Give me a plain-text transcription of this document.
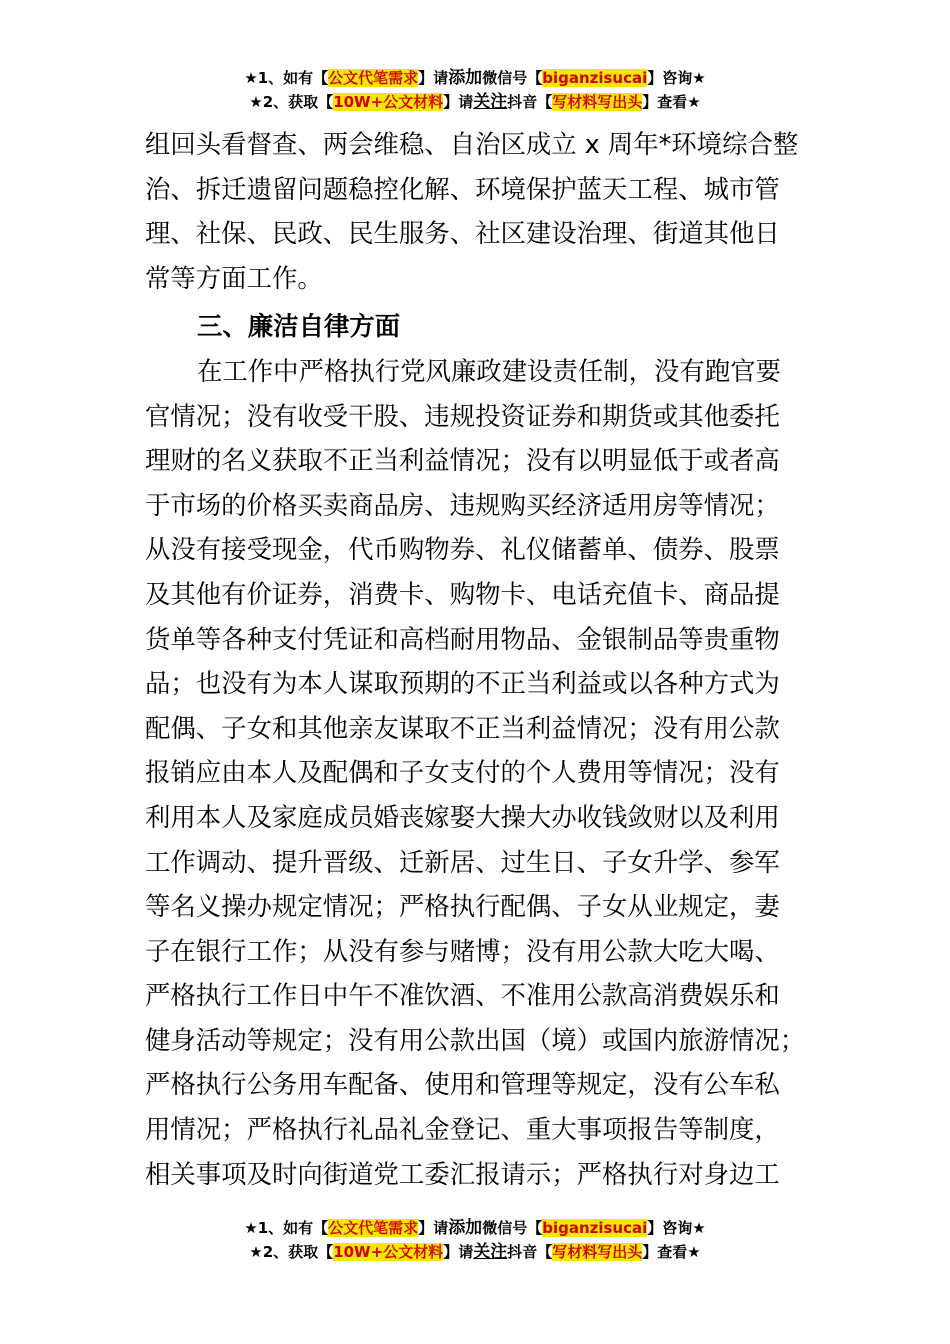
★1、如有【公文代笔需求】请添加微信号【biganzisucai】咨询★
★2、获取【10W+公文材料】请关注抖音【写材料写出头】查看★

组回头看督查、两会维稳、自治区成立 x 周年*环境综合整
治、拆迁遗留问题稳控化解、环境保护蓝天工程、城市管
理、社保、民政、民生服务、社区建设治理、街道其他日
常等方面工作。

三、廉洁自律方面

在工作中严格执行党风廉政建设责任制，没有跑官要
官情况；没有收受干股、违规投资证券和期货或其他委托
理财的名义获取不正当利益情况；没有以明显低于或者高
于市场的价格买卖商品房、违规购买经济适用房等情况；
从没有接受现金，代币购物券、礼仪储蓄单、债券、股票
及其他有价证券，消费卡、购物卡、电话充值卡、商品提
货单等各种支付凭证和高档耐用物品、金银制品等贵重物
品；也没有为本人谋取预期的不正当利益或以各种方式为
配偶、子女和其他亲友谋取不正当利益情况；没有用公款
报销应由本人及配偶和子女支付的个人费用等情况；没有
利用本人及家庭成员婚丧嫁娶大操大办收钱敛财以及利用
工作调动、提升晋级、迁新居、过生日、子女升学、参军
等名义操办规定情况；严格执行配偶、子女从业规定，妻
子在银行工作；从没有参与赌博；没有用公款大吃大喝、
严格执行工作日中午不准饮酒、不准用公款高消费娱乐和
健身活动等规定；没有用公款出国（境）或国内旅游情况；
严格执行公务用车配备、使用和管理等规定，没有公车私
用情况；严格执行礼品礼金登记、重大事项报告等制度，
相关事项及时向街道党工委汇报请示；严格执行对身边工

★1、如有【公文代笔需求】请添加微信号【biganzisucai】咨询★
★2、获取【10W+公文材料】请关注抖音【写材料写出头】查看★
